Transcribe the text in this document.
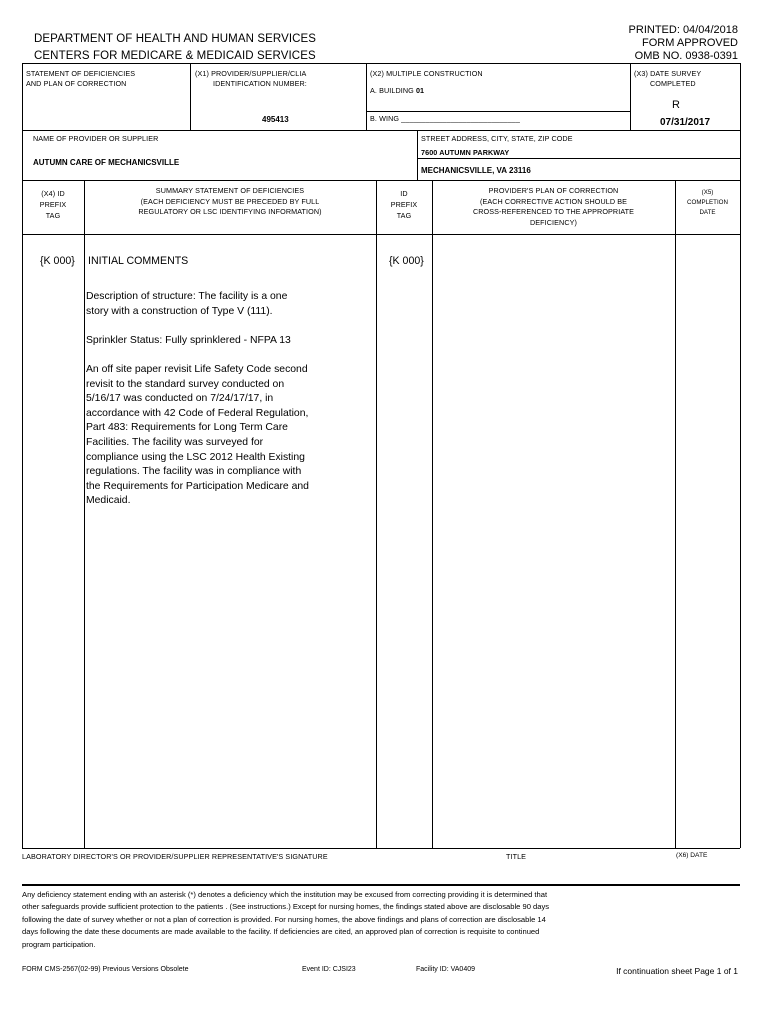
DEPARTMENT OF HEALTH AND HUMAN SERVICES
CENTERS FOR MEDICARE & MEDICAID SERVICES
PRINTED: 04/04/2018
FORM APPROVED
OMB NO. 0938-0391
STATEMENT OF DEFICIENCIES
AND PLAN OF CORRECTION
(X1) PROVIDER/SUPPLIER/CLIA
IDENTIFICATION NUMBER:
495413
(X2) MULTIPLE CONSTRUCTION
A. BUILDING 01
B. WING _____________________________
(X3) DATE SURVEY
COMPLETED
R
07/31/2017
NAME OF PROVIDER OR SUPPLIER
AUTUMN CARE OF MECHANICSVILLE
STREET ADDRESS, CITY, STATE, ZIP CODE
7600 AUTUMN PARKWAY
MECHANICSVILLE, VA 23116
(X4) ID
PREFIX
TAG
SUMMARY STATEMENT OF DEFICIENCIES
(EACH DEFICIENCY MUST BE PRECEDED BY FULL
REGULATORY OR LSC IDENTIFYING INFORMATION)
ID
PREFIX
TAG
PROVIDER'S PLAN OF CORRECTION
(EACH CORRECTIVE ACTION SHOULD BE
CROSS-REFERENCED TO THE APPROPRIATE
DEFICIENCY)
(X5)
COMPLETION
DATE
{K 000} INITIAL COMMENTS	{K 000}
Description of structure: The facility is a one
story with a construction of Type V (111).
Sprinkler Status: Fully sprinklered - NFPA 13
An off site paper revisit Life Safety Code second
revisit to the standard survey conducted on
5/16/17 was conducted on 7/24/17/17, in
accordance with 42 Code of Federal Regulation,
Part 483: Requirements for Long Term Care
Facilities. The facility was surveyed for
compliance using the LSC 2012 Health Existing
regulations. The facility was in compliance with
the Requirements for Participation Medicare and
Medicaid.
LABORATORY DIRECTOR'S OR PROVIDER/SUPPLIER REPRESENTATIVE'S SIGNATURE	TITLE	(X6) DATE
Any deficiency statement ending with an asterisk (*) denotes a deficiency which the institution may be excused from correcting providing it is determined that
other safeguards provide sufficient protection to the patients . (See instructions.) Except for nursing homes, the findings stated above are disclosable 90 days
following the date of survey whether or not a plan of correction is provided. For nursing homes, the above findings and plans of correction are disclosable 14
days following the date these documents are made available to the facility. If deficiencies are cited, an approved plan of correction is requisite to continued
program participation.
FORM CMS-2567(02-99) Previous Versions Obsolete	Event ID: CJSI23	Facility ID: VA0409	If continuation sheet Page 1 of 1
